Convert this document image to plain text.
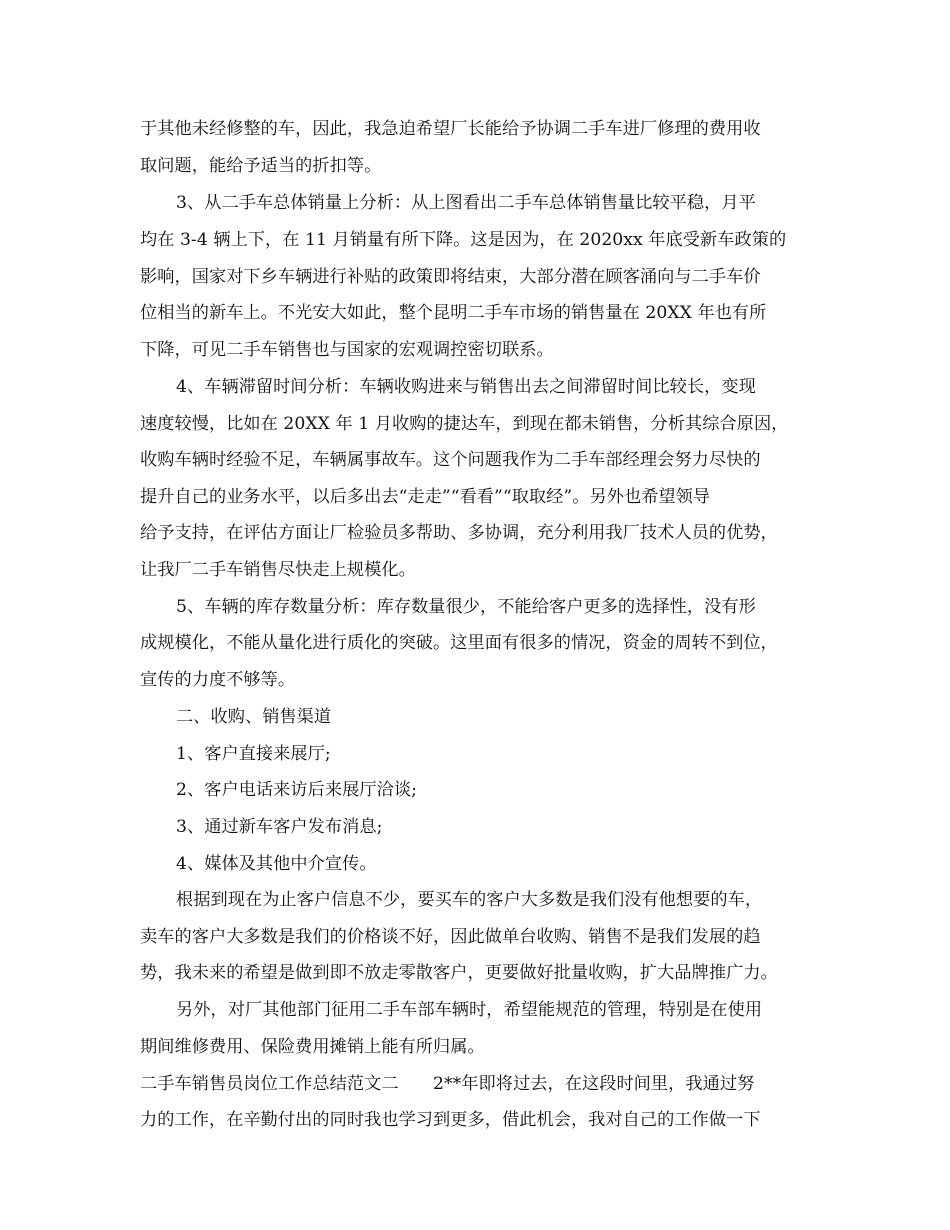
于其他未经修整的车，因此，我急迫希望厂长能给予协调二手车进厂修理的费用收
取问题，能给予适当的折扣等。
3、从二手车总体销量上分析：从上图看出二手车总体销售量比较平稳，月平
均在 3-4 辆上下，在 11 月销量有所下降。这是因为，在 2020xx 年底受新车政策的
影响，国家对下乡车辆进行补贴的政策即将结束，大部分潜在顾客涌向与二手车价
位相当的新车上。不光安大如此，整个昆明二手车市场的销售量在 20XX 年也有所
下降，可见二手车销售也与国家的宏观调控密切联系。
4、车辆滞留时间分析：车辆收购进来与销售出去之间滞留时间比较长，变现
速度较慢，比如在 20XX 年 1 月收购的捷达车，到现在都未销售，分析其综合原因，
收购车辆时经验不足，车辆属事故车。这个问题我作为二手车部经理会努力尽快的
提升自己的业务水平，以后多出去“走走”“看看”“取取经”。另外也希望领导
给予支持，在评估方面让厂检验员多帮助、多协调，充分利用我厂技术人员的优势，
让我厂二手车销售尽快走上规模化。
5、车辆的库存数量分析：库存数量很少，不能给客户更多的选择性，没有形
成规模化，不能从量化进行质化的突破。这里面有很多的情况，资金的周转不到位，
宣传的力度不够等。
二、收购、销售渠道
1、客户直接来展厅;
2、客户电话来访后来展厅洽谈;
3、通过新车客户发布消息;
4、媒体及其他中介宣传。
根据到现在为止客户信息不少，要买车的客户大多数是我们没有他想要的车，
卖车的客户大多数是我们的价格谈不好，因此做单台收购、销售不是我们发展的趋
势，我未来的希望是做到即不放走零散客户，更要做好批量收购，扩大品牌推广力。
另外，对厂其他部门征用二手车部车辆时，希望能规范的管理，特别是在使用
期间维修费用、保险费用摊销上能有所归属。
二手车销售员岗位工作总结范文二　　2**年即将过去，在这段时间里，我通过努
力的工作，在辛勤付出的同时我也学习到更多，借此机会，我对自己的工作做一下
